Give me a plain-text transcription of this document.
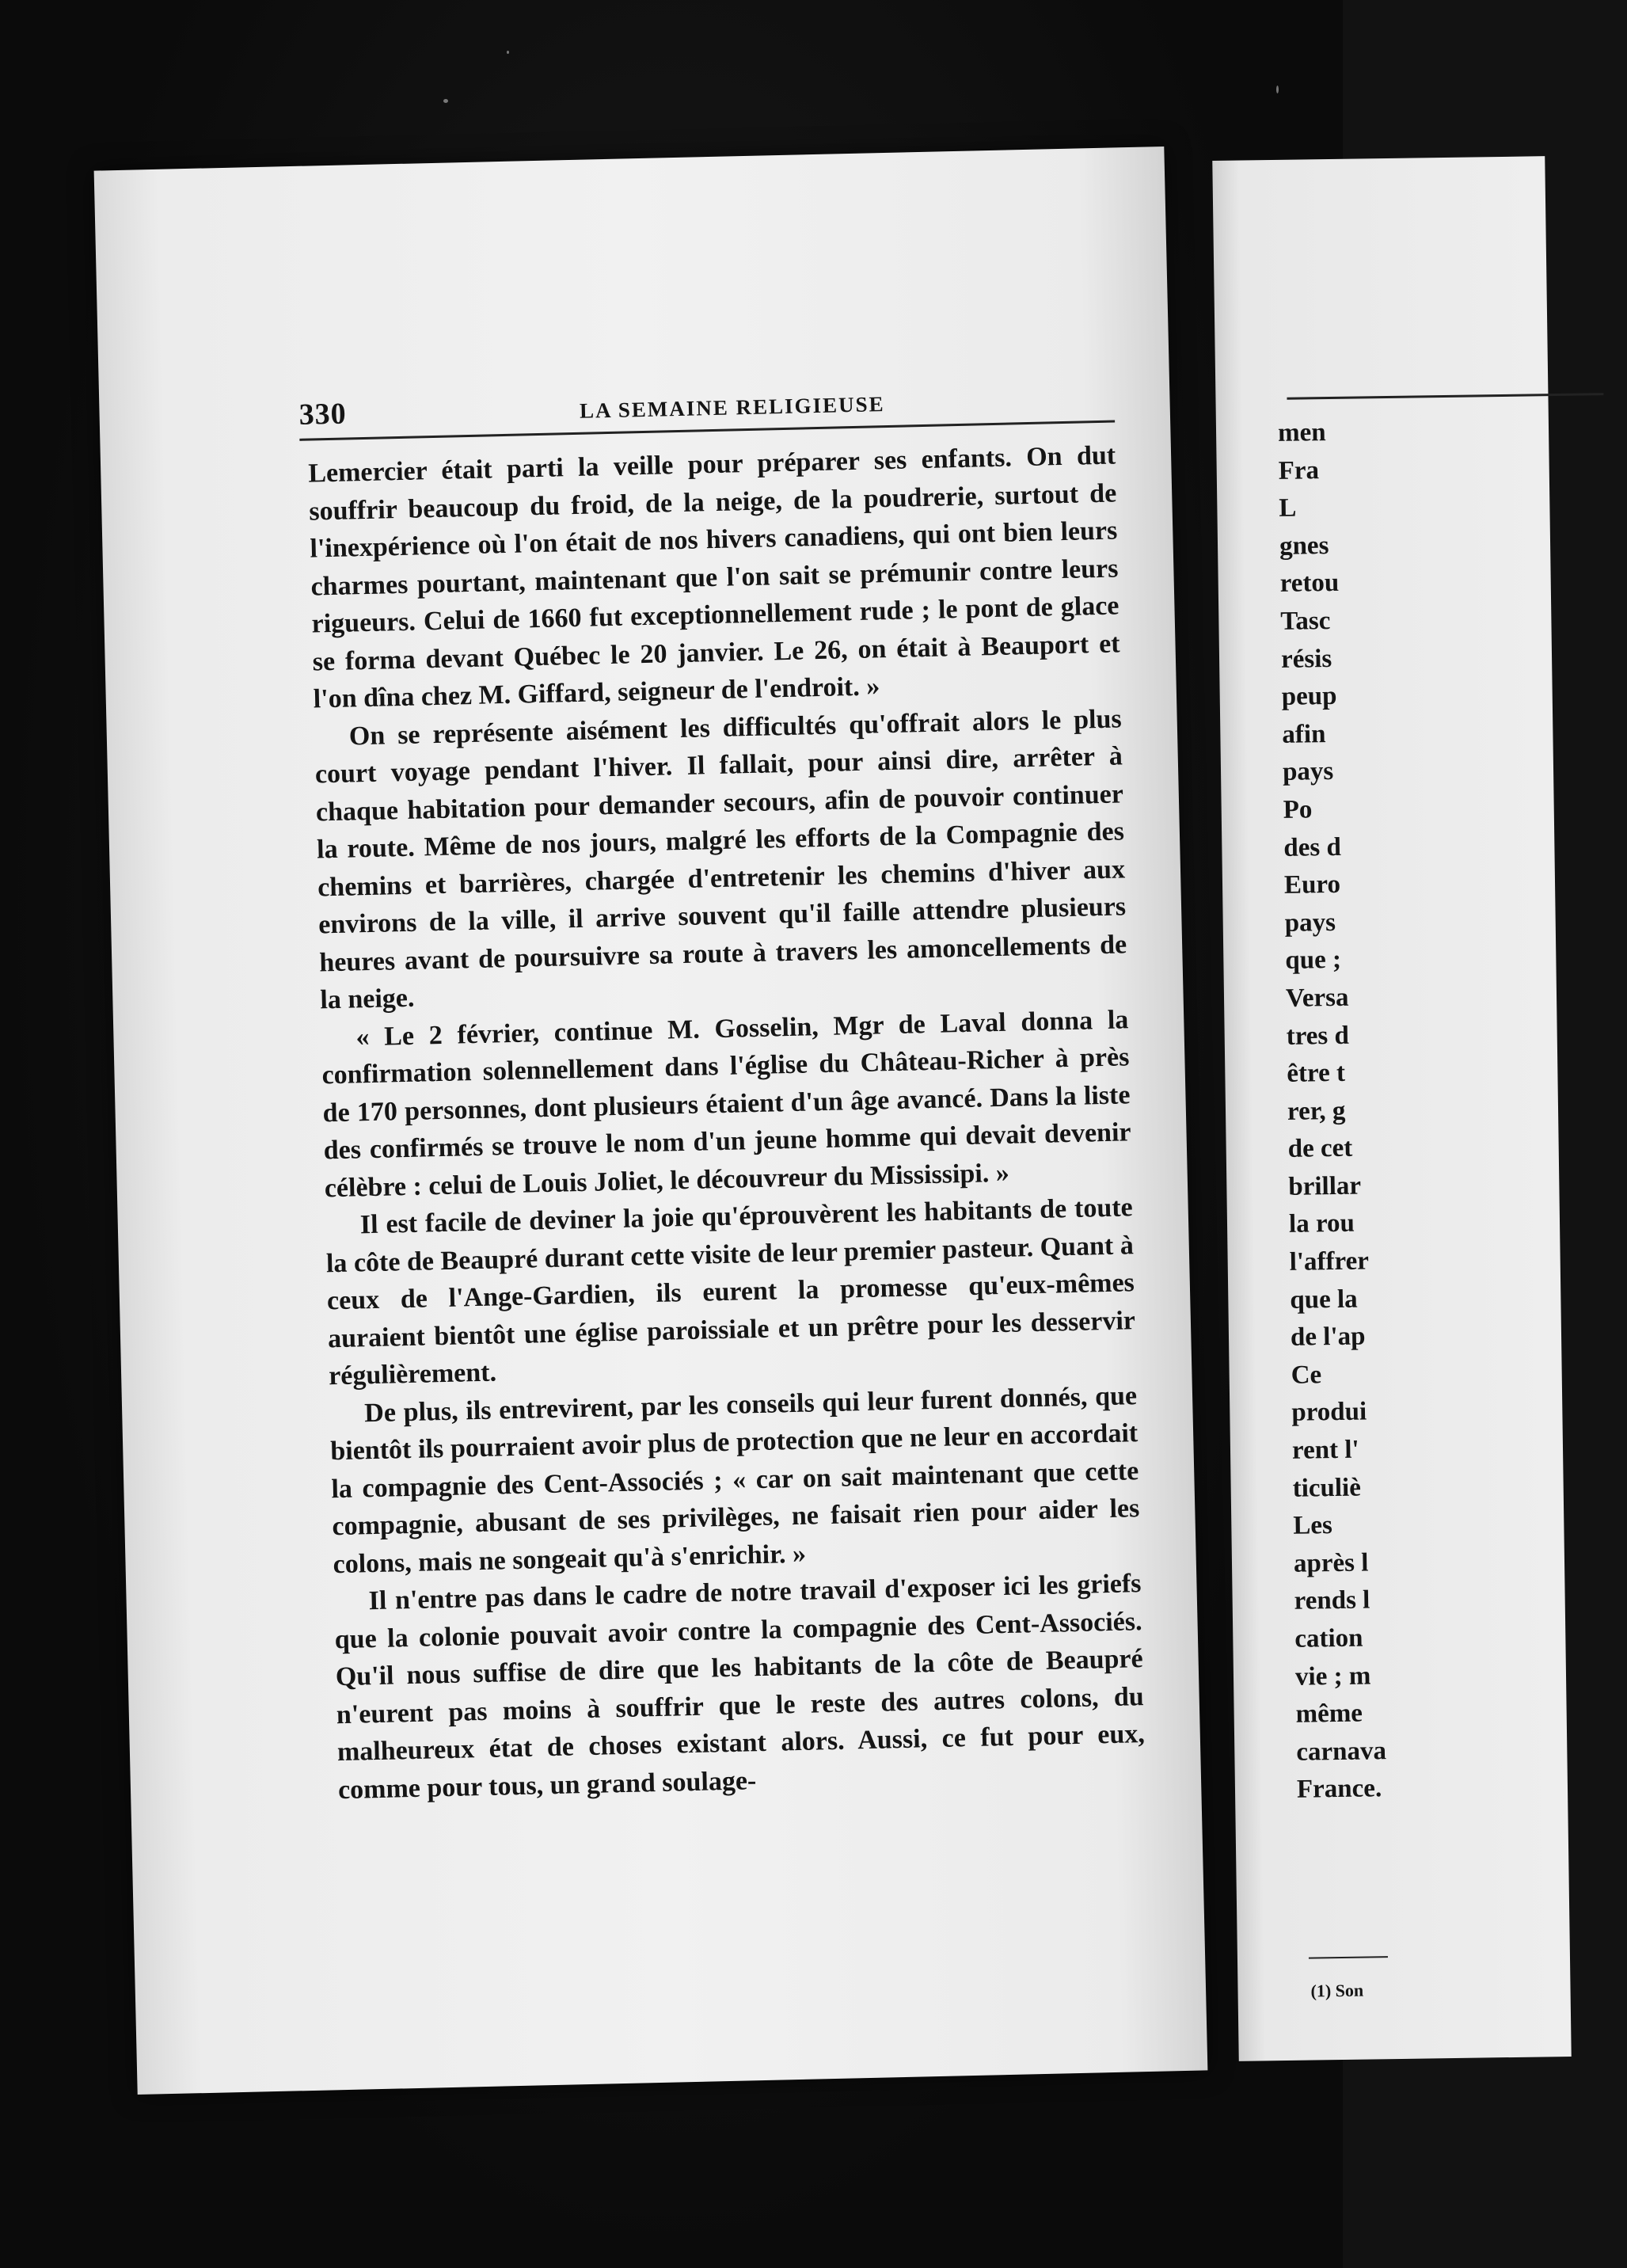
330	LA SEMAINE RELIGIEUSE

Lemercier était parti la veille pour préparer ses enfants. On dut souffrir beaucoup du froid, de la neige, de la poudrerie, surtout de l'inexpérience où l'on était de nos hivers canadiens, qui ont bien leurs charmes pourtant, maintenant que l'on sait se prémunir contre leurs rigueurs. Celui de 1660 fut exceptionnellement rude ; le pont de glace se forma devant Québec le 20 janvier. Le 26, on était à Beauport et l'on dîna chez M. Giffard, seigneur de l'endroit. »

On se représente aisément les difficultés qu'offrait alors le plus court voyage pendant l'hiver. Il fallait, pour ainsi dire, arrêter à chaque habitation pour demander secours, afin de pouvoir continuer la route. Même de nos jours, malgré les efforts de la Compagnie des chemins et barrières, chargée d'entretenir les chemins d'hiver aux environs de la ville, il arrive souvent qu'il faille attendre plusieurs heures avant de poursuivre sa route à travers les amoncellements de la neige.

« Le 2 février, continue M. Gosselin, Mgr de Laval donna la confirmation solennellement dans l'église du Château-Richer à près de 170 personnes, dont plusieurs étaient d'un âge avancé. Dans la liste des confirmés se trouve le nom d'un jeune homme qui devait devenir célèbre : celui de Louis Joliet, le découvreur du Mississipi. »

Il est facile de deviner la joie qu'éprouvèrent les habitants de toute la côte de Beaupré durant cette visite de leur premier pasteur. Quant à ceux de l'Ange-Gardien, ils eurent la promesse qu'eux-mêmes auraient bientôt une église paroissiale et un prêtre pour les desservir régulièrement.

De plus, ils entrevirent, par les conseils qui leur furent donnés, que bientôt ils pourraient avoir plus de protection que ne leur en accordait la compagnie des Cent-Associés ; « car on sait maintenant que cette compagnie, abusant de ses privilèges, ne faisait rien pour aider les colons, mais ne songeait qu'à s'enrichir. »

Il n'entre pas dans le cadre de notre travail d'exposer ici les griefs que la colonie pouvait avoir contre la compagnie des Cent-Associés. Qu'il nous suffise de dire que les habitants de la côte de Beaupré n'eurent pas moins à souffrir que le reste des autres colons, du malheureux état de choses existant alors. Aussi, ce fut pour eux, comme pour tous, un grand soulage-

men
Fra
L
gnes
retou
Tasc
résis
peup
afin
pays
Po
des d
Euro
pays
que ;
Versa
tres d
être t
rer, g
de cet
brillar
la rou
l'affrer
que la
de l'ap
Ce
produi
rent l'
ticuliè
Les
après l
rends l
cation
vie ; m
même
carnava
France.
(1) Son
